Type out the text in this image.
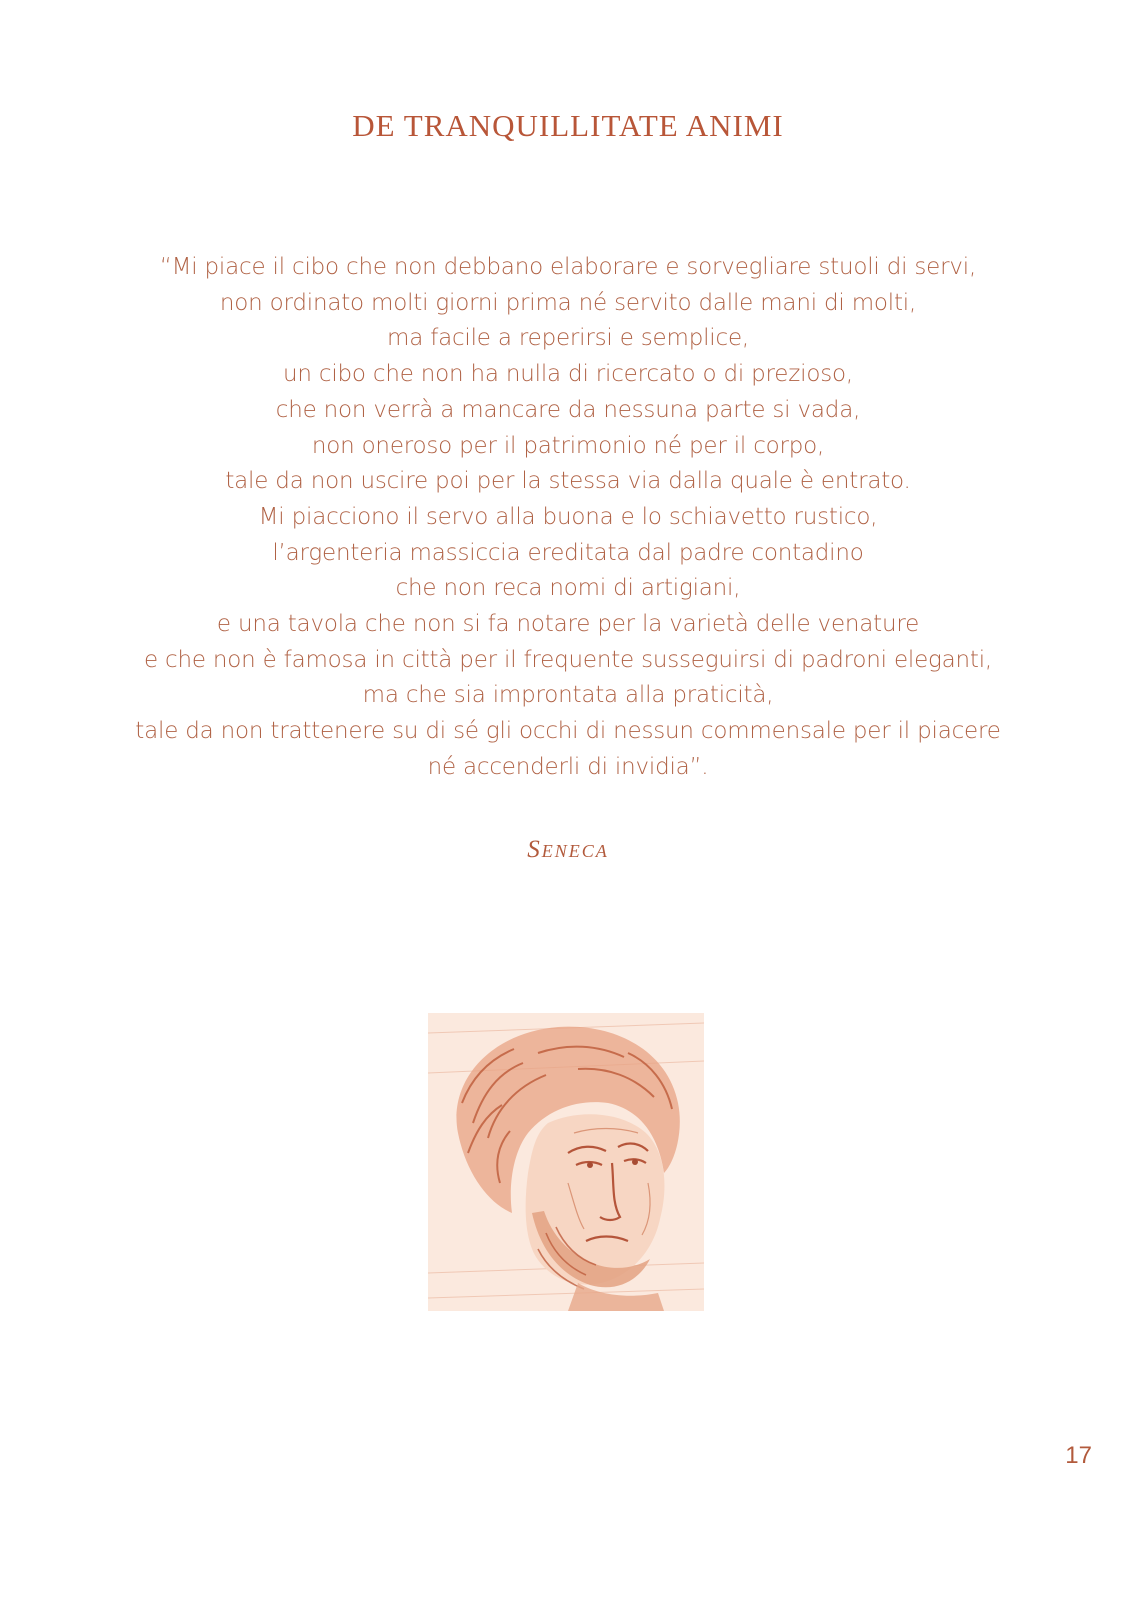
DE TRANQUILLITATE ANIMI
“Mi piace il cibo che non debbano elaborare e sorvegliare stuoli di servi,
non ordinato molti giorni prima né servito dalle mani di molti,
ma facile a reperirsi e semplice,
un cibo che non ha nulla di ricercato o di prezioso,
che non verrà a mancare da nessuna parte si vada,
non oneroso per il patrimonio né per il corpo,
tale da non uscire poi per la stessa via dalla quale è entrato.
Mi piacciono il servo alla buona e lo schiavetto rustico,
l’argenteria massiccia ereditata dal padre contadino
che non reca nomi di artigiani,
e una tavola che non si fa notare per la varietà delle venature
e che non è famosa in città per il frequente susseguirsi di padroni eleganti,
ma che sia improntata alla praticità,
tale da non trattenere su di sé gli occhi di nessun commensale per il piacere
né accenderli di invidia”.
Seneca
17
